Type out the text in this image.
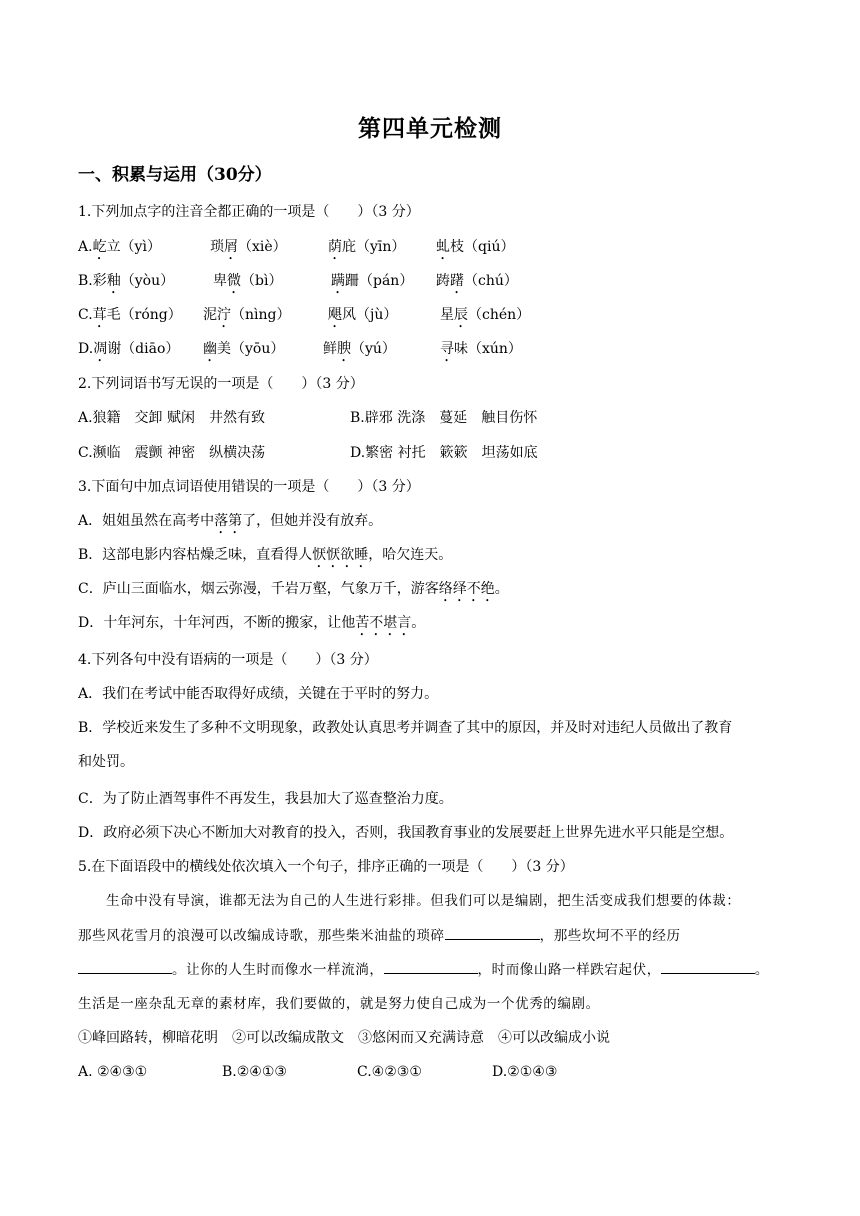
第四单元检测
一、积累与运用（30分）
1.下列加点字的注音全都正确的一项是（　　）（3 分）
A.屹立（yì）	琐屑（xiè）	荫庇（yīn） 虬枝（qiú）
B.彩釉（yòu）	卑微（bì）	蹒跚（pán） 踌躇（chú）
C.茸毛（róng） 泥泞（nìng）	飓风（jù）	星辰（chén）
D.凋谢（diāo） 幽美（yōu）	鲜腴（yú）	寻味（xún）
2.下列词语书写无误的一项是（　　）（3 分）
A.狼籍　交卸 赋闲　井然有致	B.辟邪 洗涤　蔓延　触目伤怀
C.濒临　震颤 神密　纵横决荡	D.繁密 衬托　簌簌　坦荡如底
3.下面句中加点词语使用错误的一项是（　　）（3 分）
A．姐姐虽然在高考中落第了，但她并没有放弃。
B．这部电影内容枯燥乏味，直看得人恹恹欲睡，哈欠连天。
C．庐山三面临水，烟云弥漫，千岩万壑，气象万千，游客络绎不绝。
D．十年河东，十年河西，不断的搬家，让他苦不堪言。
4.下列各句中没有语病的一项是（　　）（3 分）
A．我们在考试中能否取得好成绩，关键在于平时的努力。
B．学校近来发生了多种不文明现象，政教处认真思考并调查了其中的原因，并及时对违纪人员做出了教育
和处罚。
C．为了防止酒驾事件不再发生，我县加大了巡查整治力度。
D．政府必须下决心不断加大对教育的投入，否则，我国教育事业的发展要赶上世界先进水平只能是空想。
5.在下面语段中的横线处依次填入一个句子，排序正确的一项是（　　）（3 分）
生命中没有导演，谁都无法为自己的人生进行彩排。但我们可以是编剧，把生活变成我们想要的体裁：
那些风花雪月的浪漫可以改编成诗歌，那些柴米油盐的琐碎	，那些坎坷不平的经历
。让你的人生时而像水一样流淌，	，时而像山路一样跌宕起伏，	。
生活是一座杂乱无章的素材库，我们要做的，就是努力使自己成为一个优秀的编剧。
①峰回路转，柳暗花明　②可以改编成散文　③悠闲而又充满诗意　④可以改编成小说
A. ②④③①	B.②④①③	C.④②③①	D.②①④③
